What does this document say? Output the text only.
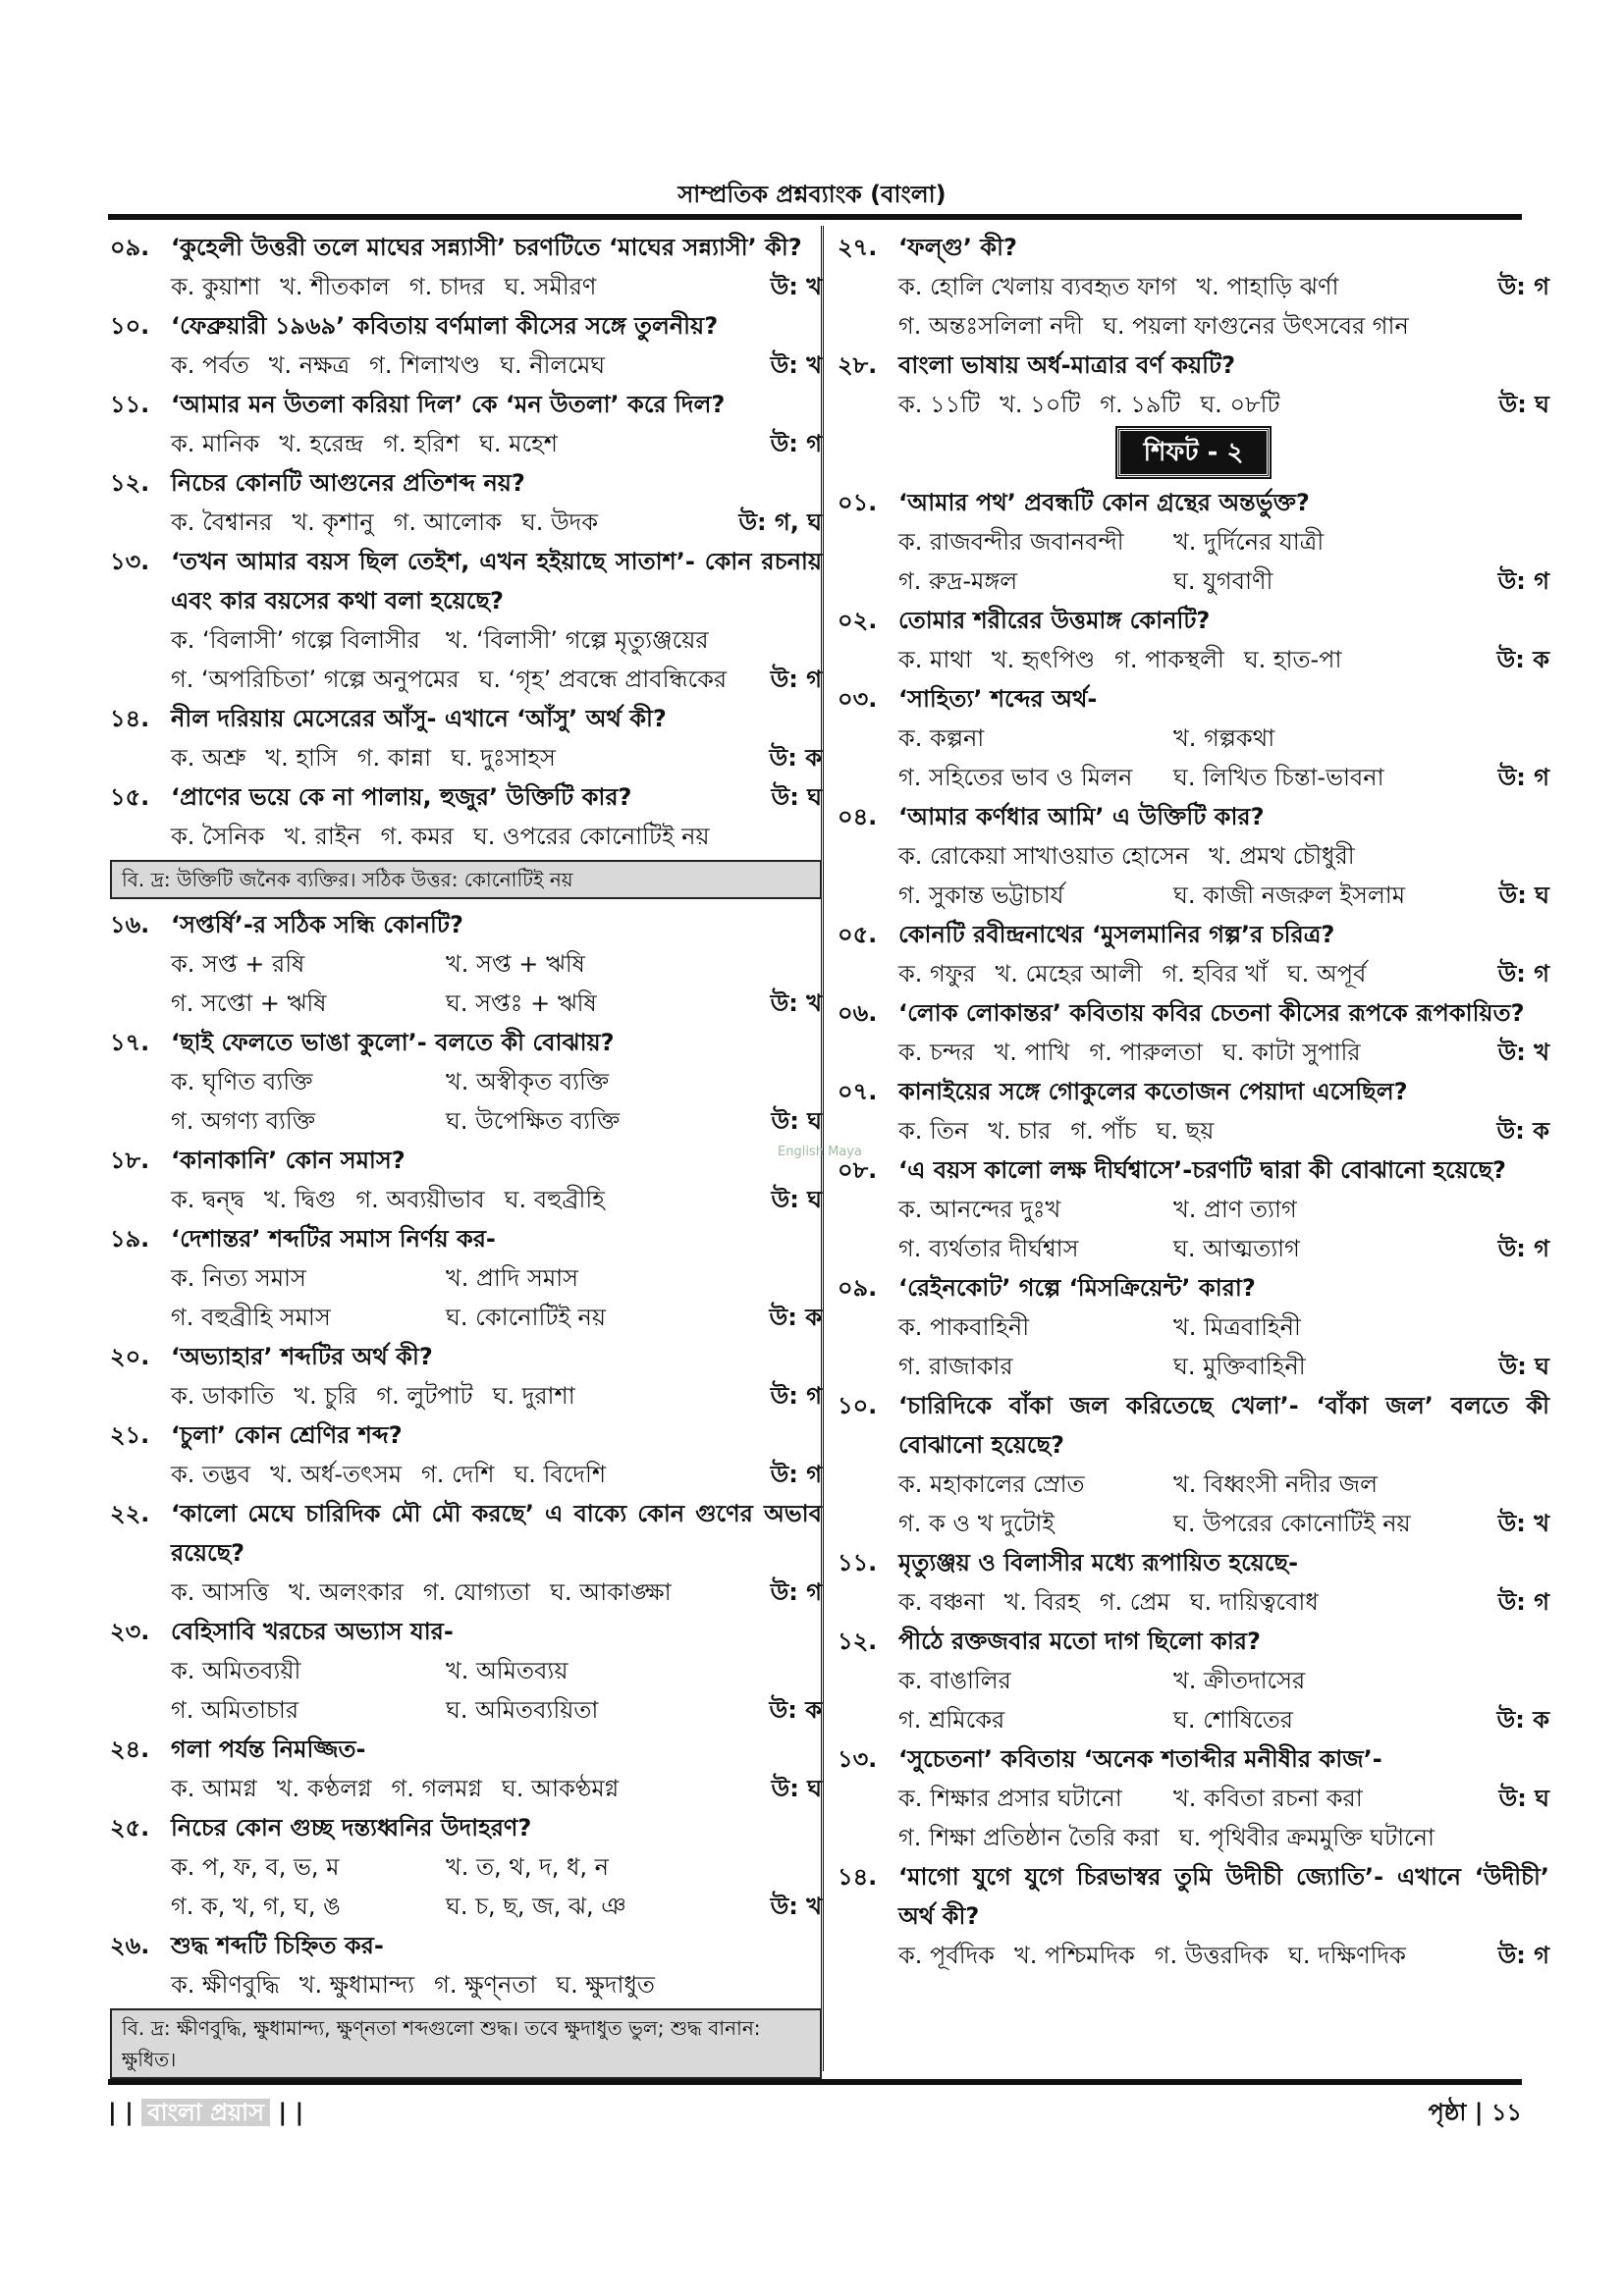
সাম্প্রতিক প্রশ্নব্যাংক (বাংলা)
০৯. ‘কুহেলী উত্তরী তলে মাঘের সন্ন্যাসী’ চরণটিতে ‘মাঘের সন্ন্যাসী’ কী?
ক. কুয়াশা খ. শীতকাল গ. চাদর ঘ. সমীরণ	উ: খ
১০. ‘ফেব্রুয়ারী ১৯৬৯’ কবিতায় বর্ণমালা কীসের সঙ্গে তুলনীয়?
ক. পর্বত খ. নক্ষত্র গ. শিলাখণ্ড ঘ. নীলমেঘ	উ: খ
১১. ‘আমার মন উতলা করিয়া দিল’ কে ‘মন উতলা’ করে দিল?
ক. মানিক খ. হরেন্দ্র গ. হরিশ ঘ. মহেশ	উ: গ
১২. নিচের কোনটি আগুনের প্রতিশব্দ নয়?
ক. বৈশ্বানর খ. কৃশানু গ. আলোক ঘ. উদক	উ: গ, ঘ
১৩. ‘তখন আমার বয়স ছিল তেইশ, এখন হইয়াছে সাতাশ’- কোন রচনায় এবং কার বয়সের কথা বলা হয়েছে?
ক. ‘বিলাসী’ গল্পে বিলাসীর	খ. ‘বিলাসী’ গল্পে মৃত্যুঞ্জয়ের
গ. ‘অপরিচিতা’ গল্পে অনুপমের ঘ. ‘গৃহ’ প্রবন্ধে প্রাবন্ধিকের	উ: গ
১৪. নীল দরিয়ায় মেসেরের আঁসু- এখানে ‘আঁসু’ অর্থ কী?
ক. অশ্রু খ. হাসি গ. কান্না ঘ. দুঃসাহস	উ: ক
১৫. ‘প্রাণের ভয়ে কে না পালায়, হুজুর’ উক্তিটি কার?	উ: ঘ
ক. সৈনিক খ. রাইন গ. কমর ঘ. ওপরের কোনোটিই নয়
বি. দ্র: উক্তিটি জনৈক ব্যক্তির। সঠিক উত্তর: কোনোটিই নয়
১৬. ‘সপ্তর্ষি’-র সঠিক সন্ধি কোনটি?
ক. সপ্ত + রষি	খ. সপ্ত + ঋষি
গ. সপ্তো + ঋষি	ঘ. সপ্তঃ + ঋষি	উ: খ
১৭. ‘ছাই ফেলতে ভাঙা কুলো’- বলতে কী বোঝায়?
ক. ঘৃণিত ব্যক্তি	খ. অস্বীকৃত ব্যক্তি
গ. অগণ্য ব্যক্তি	ঘ. উপেক্ষিত ব্যক্তি	উ: ঘ
১৮. ‘কানাকানি’ কোন সমাস?
ক. দ্বন্দ্ব খ. দ্বিগু গ. অব্যয়ীভাব ঘ. বহুব্রীহি	উ: ঘ
১৯. ‘দেশান্তর’ শব্দটির সমাস নির্ণয় কর-
ক. নিত্য সমাস	খ. প্রাদি সমাস
গ. বহুব্রীহি সমাস	ঘ. কোনোটিই নয়	উ: ক
২০. ‘অভ্যাহার’ শব্দটির অর্থ কী?
ক. ডাকাতি খ. চুরি গ. লুটপাট ঘ. দুরাশা	উ: গ
২১. ‘চুলা’ কোন শ্রেণির শব্দ?
ক. তদ্ভব খ. অর্ধ-তৎসম গ. দেশি ঘ. বিদেশি	উ: গ
২২. ‘কালো মেঘে চারিদিক মৌ মৌ করছে’ এ বাক্যে কোন গুণের অভাব রয়েছে?
ক. আসত্তি খ. অলংকার গ. যোগ্যতা ঘ. আকাঙ্ক্ষা	উ: গ
২৩. বেহিসাবি খরচের অভ্যাস যার-
ক. অমিতব্যয়ী	খ. অমিতব্যয়
গ. অমিতাচার	ঘ. অমিতব্যয়িতা	উ: ক
২৪. গলা পর্যন্ত নিমজ্জিত-
ক. আমগ্ন খ. কণ্ঠলগ্ন গ. গলমগ্ন ঘ. আকণ্ঠমগ্ন	উ: ঘ
২৫. নিচের কোন গুচ্ছ দন্ত্যধ্বনির উদাহরণ?
ক. প, ফ, ব, ভ, ম	খ. ত, থ, দ, ধ, ন
গ. ক, খ, গ, ঘ, ঙ	ঘ. চ, ছ, জ, ঝ, ঞ	উ: খ
২৬. শুদ্ধ শব্দটি চিহ্নিত কর-
ক. ক্ষীণবুদ্ধি খ. ক্ষুধামান্দ্য গ. ক্ষুণ্নতা ঘ. ক্ষুদাধুত
বি. দ্র: ক্ষীণবুদ্ধি, ক্ষুধামান্দ্য, ক্ষুণ্নতা শব্দগুলো শুদ্ধ। তবে ক্ষুদাধুত ভুল; শুদ্ধ বানান: ক্ষুধিত।
২৭. ‘ফল্গু’ কী?
ক. হোলি খেলায় ব্যবহৃত ফাগ খ. পাহাড়ি ঝর্ণা	উ: গ
গ. অন্তঃসলিলা নদী ঘ. পয়লা ফাগুনের উৎসবের গান
২৮. বাংলা ভাষায় অর্ধ-মাত্রার বর্ণ কয়টি?
ক. ১১টি খ. ১০টি গ. ১৯টি ঘ. ০৮টি	উ: ঘ
শিফট - ২
০১. ‘আমার পথ’ প্রবন্ধটি কোন গ্রন্থের অন্তর্ভুক্ত?
ক. রাজবন্দীর জবানবন্দী	খ. দুর্দিনের যাত্রী
গ. রুদ্র-মঙ্গল	ঘ. যুগবাণী	উ: গ
০২. তোমার শরীরের উত্তমাঙ্গ কোনটি?
ক. মাথা খ. হৃৎপিণ্ড গ. পাকস্থলী ঘ. হাত-পা	উ: ক
০৩. ‘সাহিত্য’ শব্দের অর্থ-
ক. কল্পনা	খ. গল্পকথা
গ. সহিতের ভাব ও মিলন	ঘ. লিখিত চিন্তা-ভাবনা	উ: গ
০৪. ‘আমার কর্ণধার আমি’ এ উক্তিটি কার?
ক. রোকেয়া সাখাওয়াত হোসেন খ. প্রমথ চৌধুরী
গ. সুকান্ত ভট্টাচার্য	ঘ. কাজী নজরুল ইসলাম	উ: ঘ
০৫. কোনটি রবীন্দ্রনাথের ‘মুসলমানির গল্প’র চরিত্র?
ক. গফুর খ. মেহের আলী গ. হবির খাঁ ঘ. অপূর্ব	উ: গ
০৬. ‘লোক লোকান্তর’ কবিতায় কবির চেতনা কীসের রূপকে রূপকায়িত?
ক. চন্দর খ. পাখি গ. পারুলতা ঘ. কাটা সুপারি	উ: খ
০৭. কানাইয়ের সঙ্গে গোকুলের কতোজন পেয়াদা এসেছিল?
ক. তিন খ. চার গ. পাঁচ ঘ. ছয়	উ: ক
০৮. ‘এ বয়স কালো লক্ষ দীর্ঘশ্বাসে’-চরণটি দ্বারা কী বোঝানো হয়েছে?
ক. আনন্দের দুঃখ	খ. প্রাণ ত্যাগ
গ. ব্যর্থতার দীর্ঘশ্বাস	ঘ. আত্মত্যাগ	উ: গ
০৯. ‘রেইনকোট’ গল্পে ‘মিসক্রিয়েন্ট’ কারা?
ক. পাকবাহিনী	খ. মিত্রবাহিনী
গ. রাজাকার	ঘ. মুক্তিবাহিনী	উ: ঘ
১০. ‘চারিদিকে বাঁকা জল করিতেছে খেলা’- ‘বাঁকা জল’ বলতে কী বোঝানো হয়েছে?
ক. মহাকালের স্রোত	খ. বিধ্বংসী নদীর জল
গ. ক ও খ দুটোই	ঘ. উপরের কোনোটিই নয়	উ: খ
১১. মৃত্যুঞ্জয় ও বিলাসীর মধ্যে রূপায়িত হয়েছে-
ক. বঞ্চনা খ. বিরহ গ. প্রেম ঘ. দায়িত্ববোধ	উ: গ
১২. পীঠে রক্তজবার মতো দাগ ছিলো কার?
ক. বাঙালির	খ. ক্রীতদাসের
গ. শ্রমিকের	ঘ. শোষিতের	উ: ক
১৩. ‘সুচেতনা’ কবিতায় ‘অনেক শতাব্দীর মনীষীর কাজ’-
ক. শিক্ষার প্রসার ঘটানো	খ. কবিতা রচনা করা	উ: ঘ
গ. শিক্ষা প্রতিষ্ঠান তৈরি করা ঘ. পৃথিবীর ক্রমমুক্তি ঘটানো
১৪. ‘মাগো যুগে যুগে চিরভাস্বর তুমি উদীচী জ্যোতি’- এখানে ‘উদীচী’ অর্থ কী?
ক. পূর্বদিক খ. পশ্চিমদিক গ. উত্তরদিক ঘ. দক্ষিণদিক	উ: গ
English Maya
| | বাংলা প্রয়াস | |	পৃষ্ঠা | ১১
